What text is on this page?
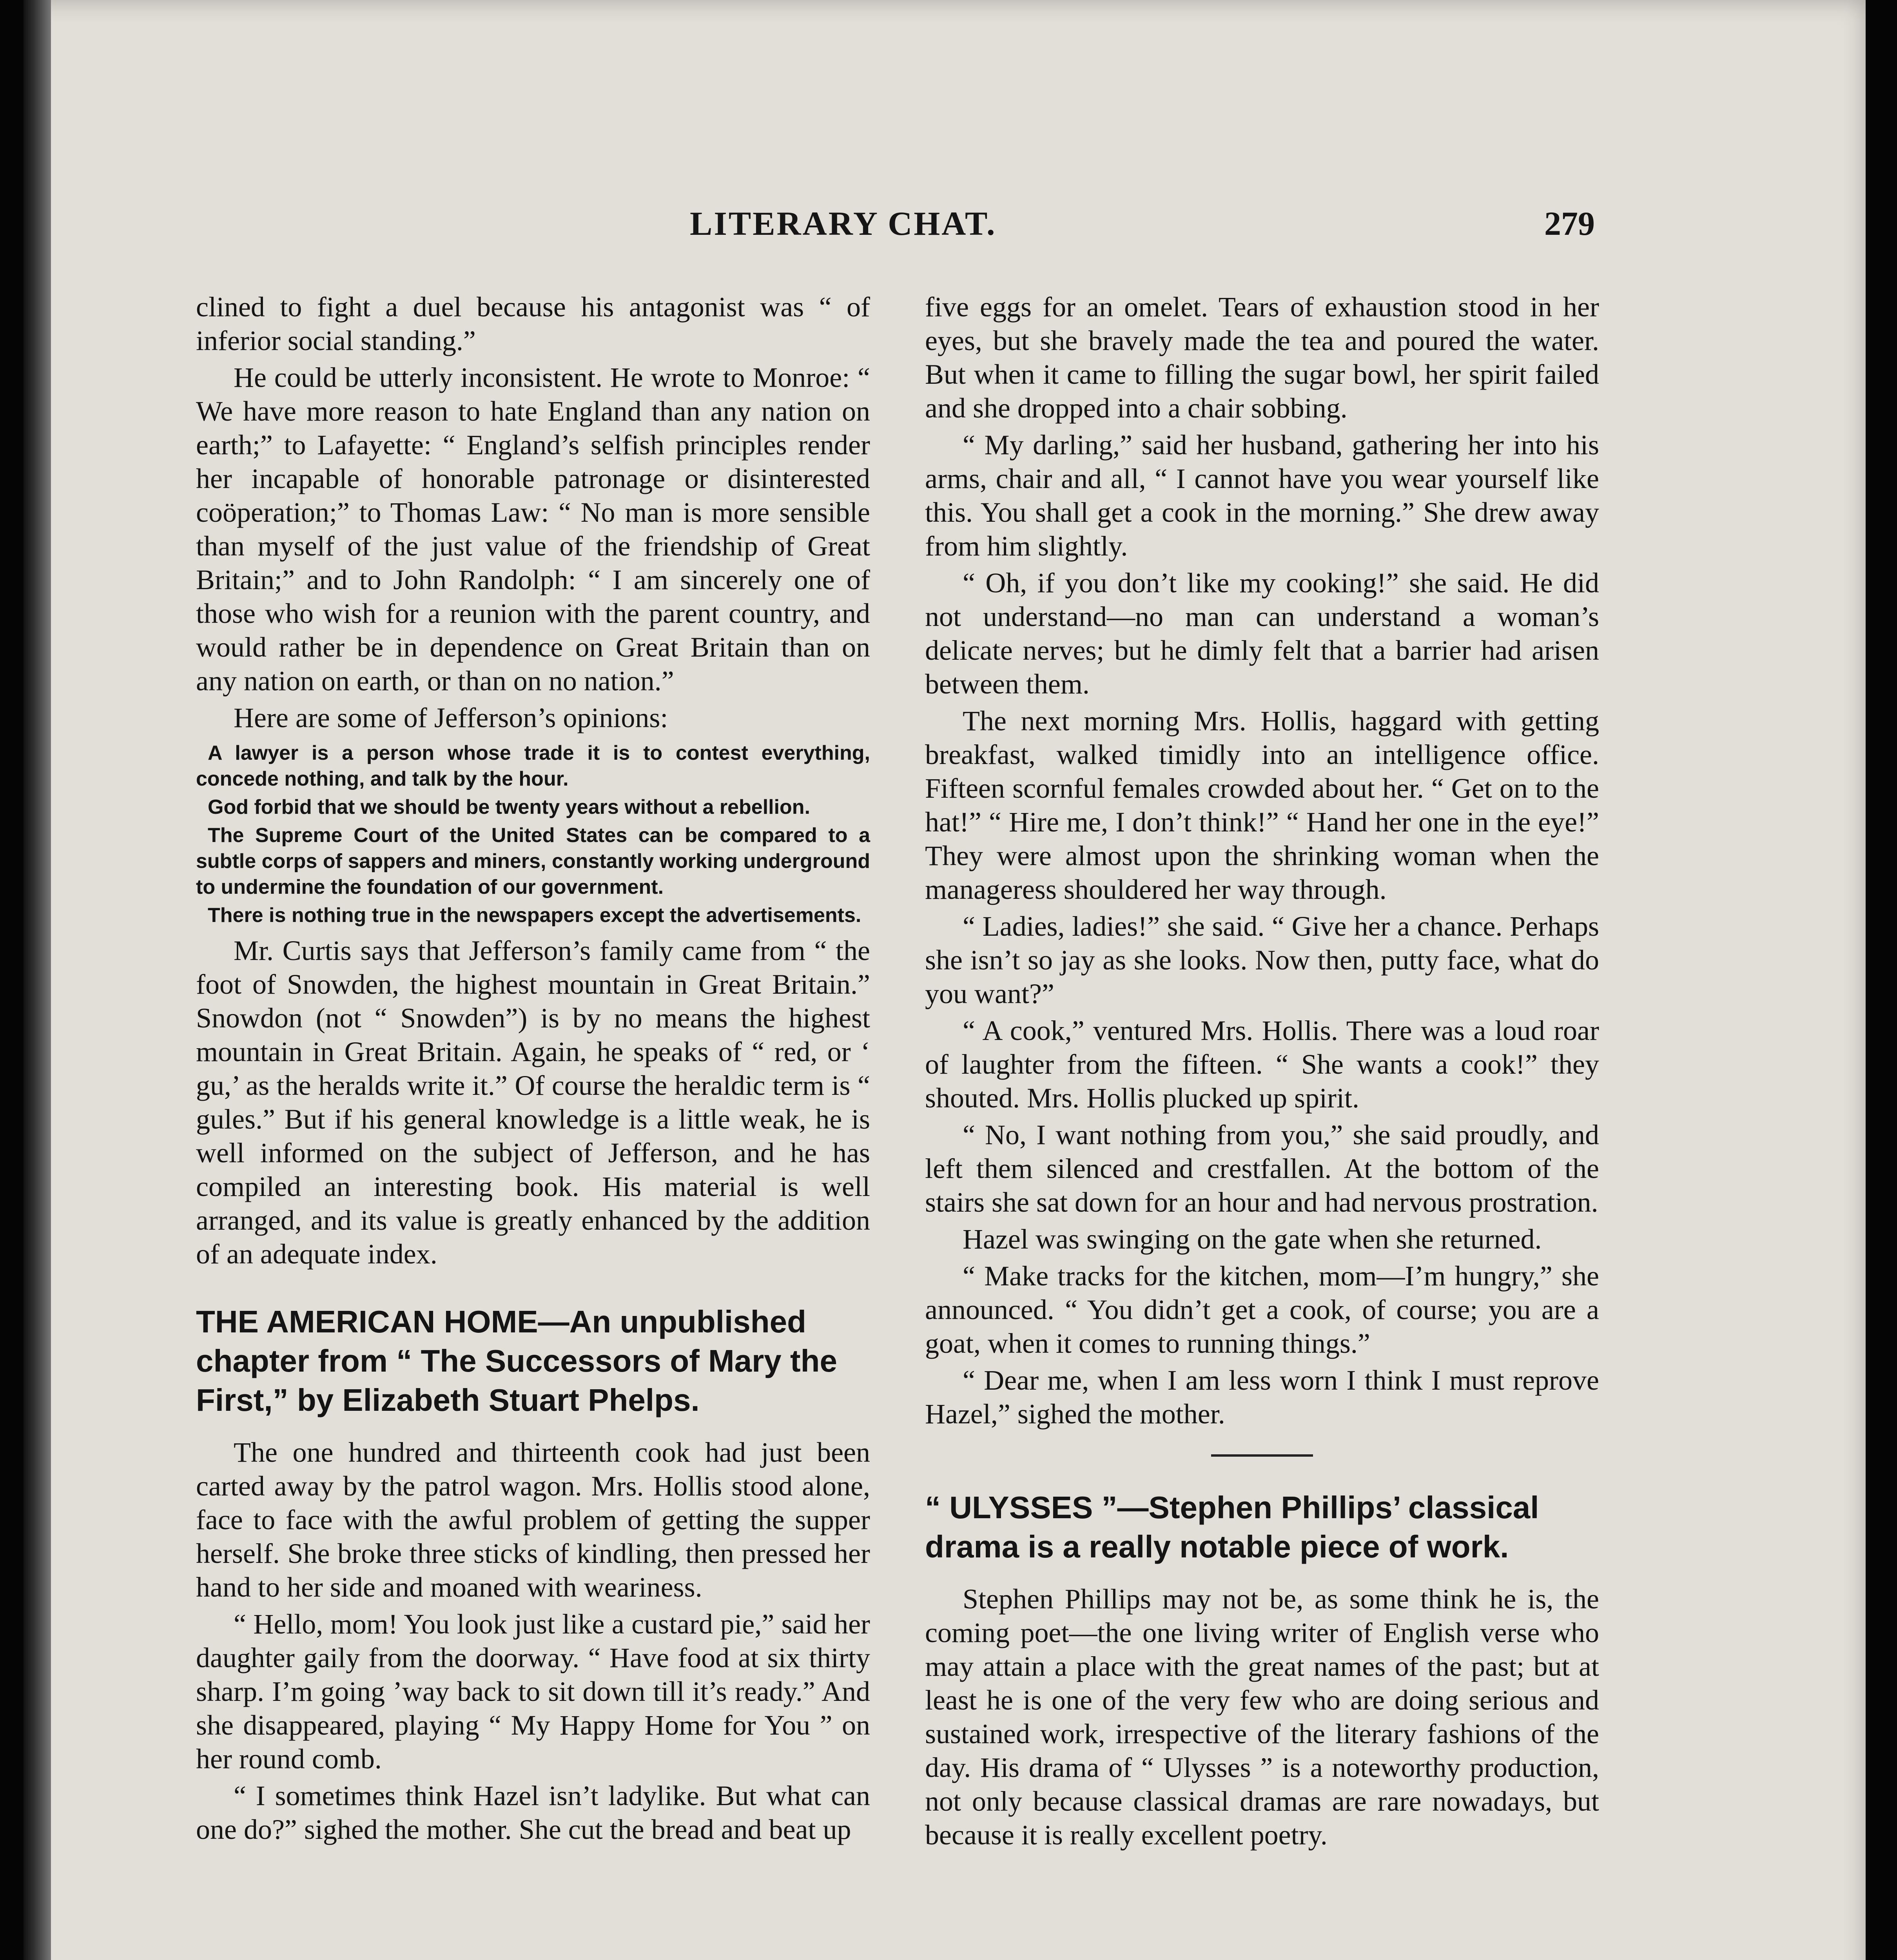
LITERARY CHAT.	279

clined to fight a duel because his antagonist was “ of inferior social standing.”

He could be utterly inconsistent. He wrote to Monroe: “ We have more reason to hate England than any nation on earth;” to Lafayette: “ England’s selfish principles render her incapable of honorable patronage or disinterested coöperation;” to Thomas Law: “ No man is more sensible than myself of the just value of the friendship of Great Britain;” and to John Randolph: “ I am sincerely one of those who wish for a reunion with the parent country, and would rather be in dependence on Great Britain than on any nation on earth, or than on no nation.”

Here are some of Jefferson’s opinions:

A lawyer is a person whose trade it is to contest everything, concede nothing, and talk by the hour.

God forbid that we should be twenty years without a rebellion.

The Supreme Court of the United States can be compared to a subtle corps of sappers and miners, constantly working underground to undermine the foundation of our government.

There is nothing true in the newspapers except the advertisements.

Mr. Curtis says that Jefferson’s family came from “ the foot of Snowden, the highest mountain in Great Britain.” Snowdon (not “ Snowden”) is by no means the highest mountain in Great Britain. Again, he speaks of “ red, or ‘ gu,’ as the heralds write it.” Of course the heraldic term is “ gules.” But if his general knowledge is a little weak, he is well informed on the subject of Jefferson, and he has compiled an interesting book. His material is well arranged, and its value is greatly enhanced by the addition of an adequate index.

THE AMERICAN HOME—An unpublished chapter from “ The Successors of Mary the First,” by Elizabeth Stuart Phelps.

The one hundred and thirteenth cook had just been carted away by the patrol wagon. Mrs. Hollis stood alone, face to face with the awful problem of getting the supper herself. She broke three sticks of kindling, then pressed her hand to her side and moaned with weariness.

“ Hello, mom! You look just like a custard pie,” said her daughter gaily from the doorway. “ Have food at six thirty sharp. I’m going ’way back to sit down till it’s ready.” And she disappeared, playing “ My Happy Home for You ” on her round comb.

“ I sometimes think Hazel isn’t ladylike. But what can one do?” sighed the mother. She cut the bread and beat up

five eggs for an omelet. Tears of exhaustion stood in her eyes, but she bravely made the tea and poured the water. But when it came to filling the sugar bowl, her spirit failed and she dropped into a chair sobbing.

“ My darling,” said her husband, gathering her into his arms, chair and all, “ I cannot have you wear yourself like this. You shall get a cook in the morning.” She drew away from him slightly.

“ Oh, if you don’t like my cooking!” she said. He did not understand—no man can understand a woman’s delicate nerves; but he dimly felt that a barrier had arisen between them.

The next morning Mrs. Hollis, haggard with getting breakfast, walked timidly into an intelligence office. Fifteen scornful females crowded about her. “ Get on to the hat!” “ Hire me, I don’t think!” “ Hand her one in the eye!” They were almost upon the shrinking woman when the manageress shouldered her way through.

“ Ladies, ladies!” she said. “ Give her a chance. Perhaps she isn’t so jay as she looks. Now then, putty face, what do you want?”

“ A cook,” ventured Mrs. Hollis. There was a loud roar of laughter from the fifteen. “ She wants a cook!” they shouted. Mrs. Hollis plucked up spirit.

“ No, I want nothing from you,” she said proudly, and left them silenced and crestfallen. At the bottom of the stairs she sat down for an hour and had nervous prostration.

Hazel was swinging on the gate when she returned.

“ Make tracks for the kitchen, mom—I’m hungry,” she announced. “ You didn’t get a cook, of course; you are a goat, when it comes to running things.”

“ Dear me, when I am less worn I think I must reprove Hazel,” sighed the mother.

“ ULYSSES ”—Stephen Phillips’ classical drama is a really notable piece of work.

Stephen Phillips may not be, as some think he is, the coming poet—the one living writer of English verse who may attain a place with the great names of the past; but at least he is one of the very few who are doing serious and sustained work, irrespective of the literary fashions of the day. His drama of “ Ulysses ” is a noteworthy production, not only because classical dramas are rare nowadays, but because it is really excellent poetry.
